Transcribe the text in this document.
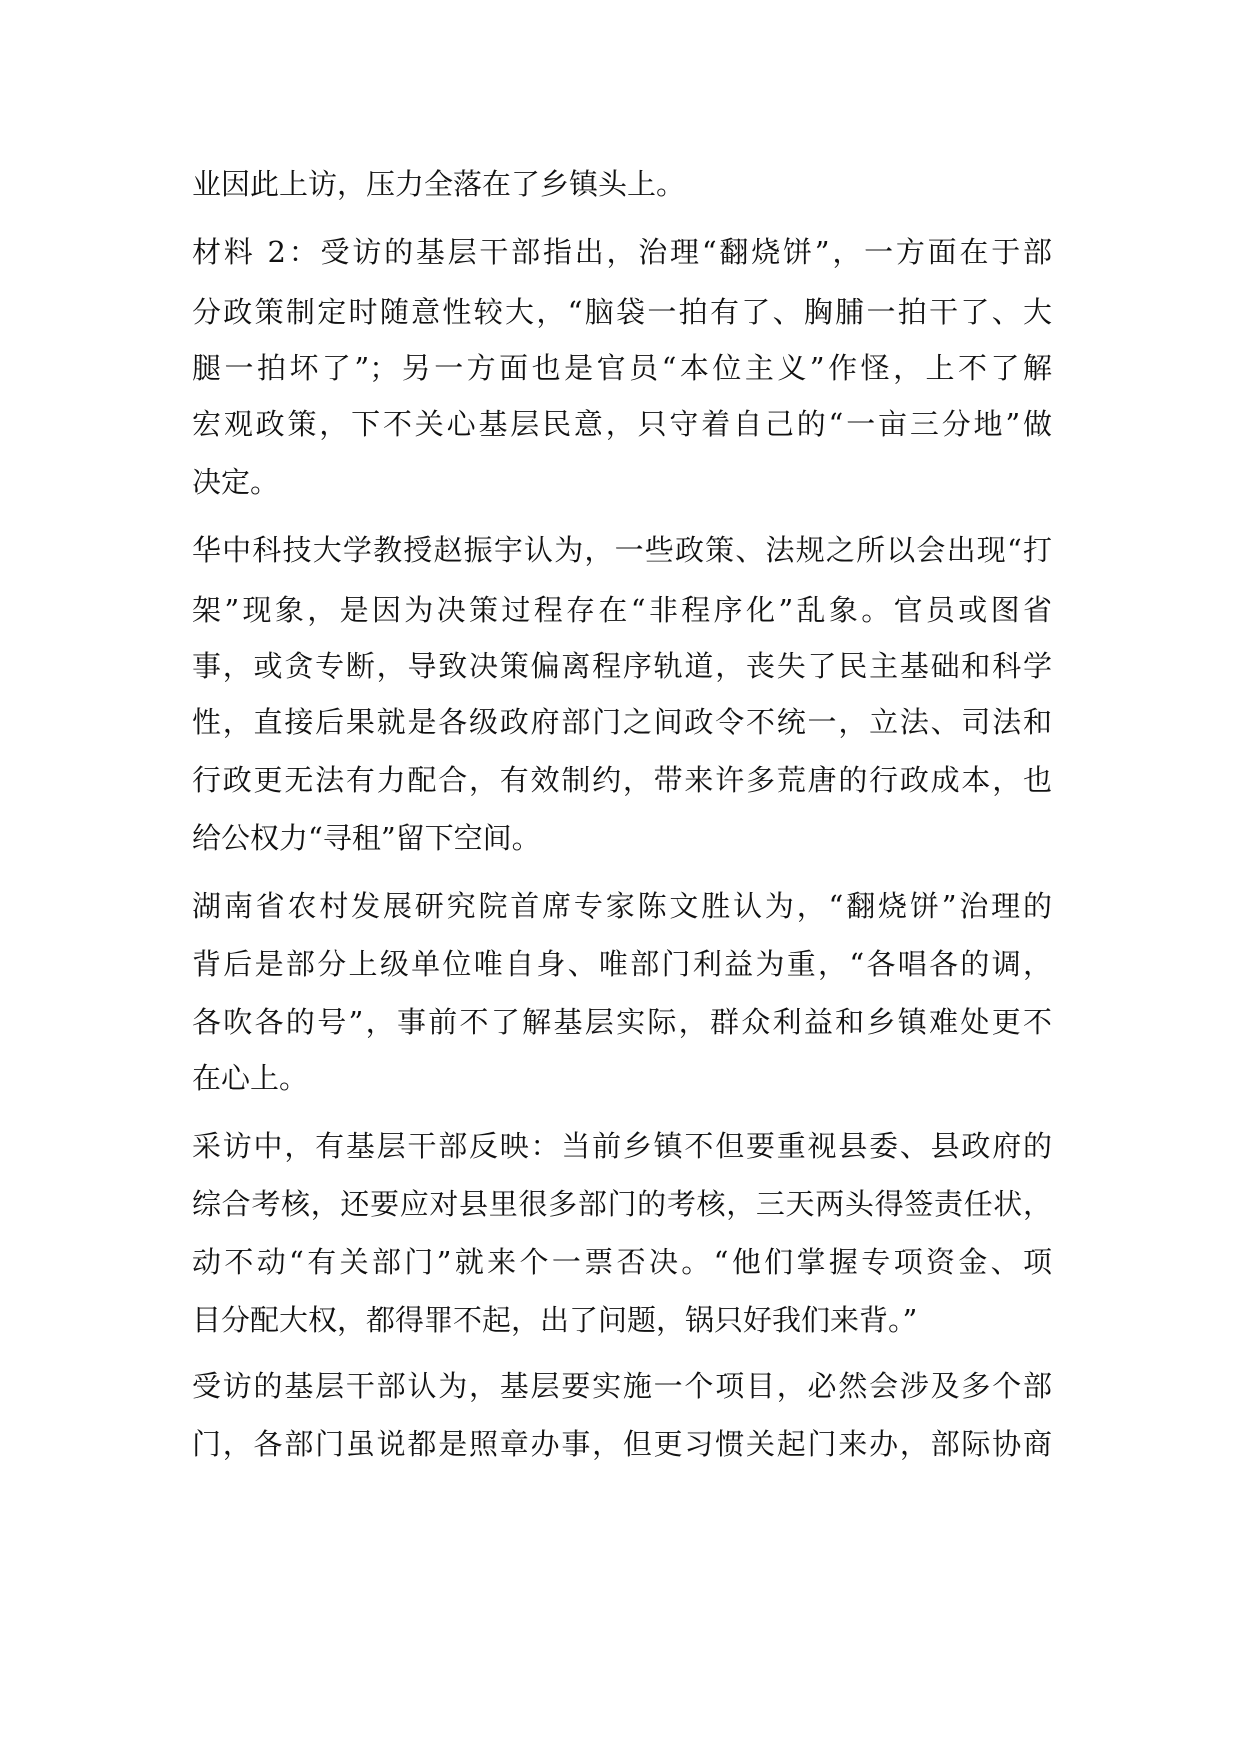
业因此上访，压力全落在了乡镇头上。
材料 2：受访的基层干部指出，治理“翻烧饼”，一方面在于部
分政策制定时随意性较大，“脑袋一拍有了、胸脯一拍干了、大
腿一拍坏了”；另一方面也是官员“本位主义”作怪，上不了解
宏观政策，下不关心基层民意，只守着自己的“一亩三分地”做
决定。
华中科技大学教授赵振宇认为，一些政策、法规之所以会出现“打
架”现象，是因为决策过程存在“非程序化”乱象。官员或图省
事，或贪专断，导致决策偏离程序轨道，丧失了民主基础和科学
性，直接后果就是各级政府部门之间政令不统一，立法、司法和
行政更无法有力配合，有效制约，带来许多荒唐的行政成本，也
给公权力“寻租”留下空间。
湖南省农村发展研究院首席专家陈文胜认为，“翻烧饼”治理的
背后是部分上级单位唯自身、唯部门利益为重，“各唱各的调，
各吹各的号”，事前不了解基层实际，群众利益和乡镇难处更不
在心上。
采访中，有基层干部反映：当前乡镇不但要重视县委、县政府的
综合考核，还要应对县里很多部门的考核，三天两头得签责任状，
动不动“有关部门”就来个一票否决。“他们掌握专项资金、项
目分配大权，都得罪不起，出了问题，锅只好我们来背。”
受访的基层干部认为，基层要实施一个项目，必然会涉及多个部
门，各部门虽说都是照章办事，但更习惯关起门来办，部际协商
